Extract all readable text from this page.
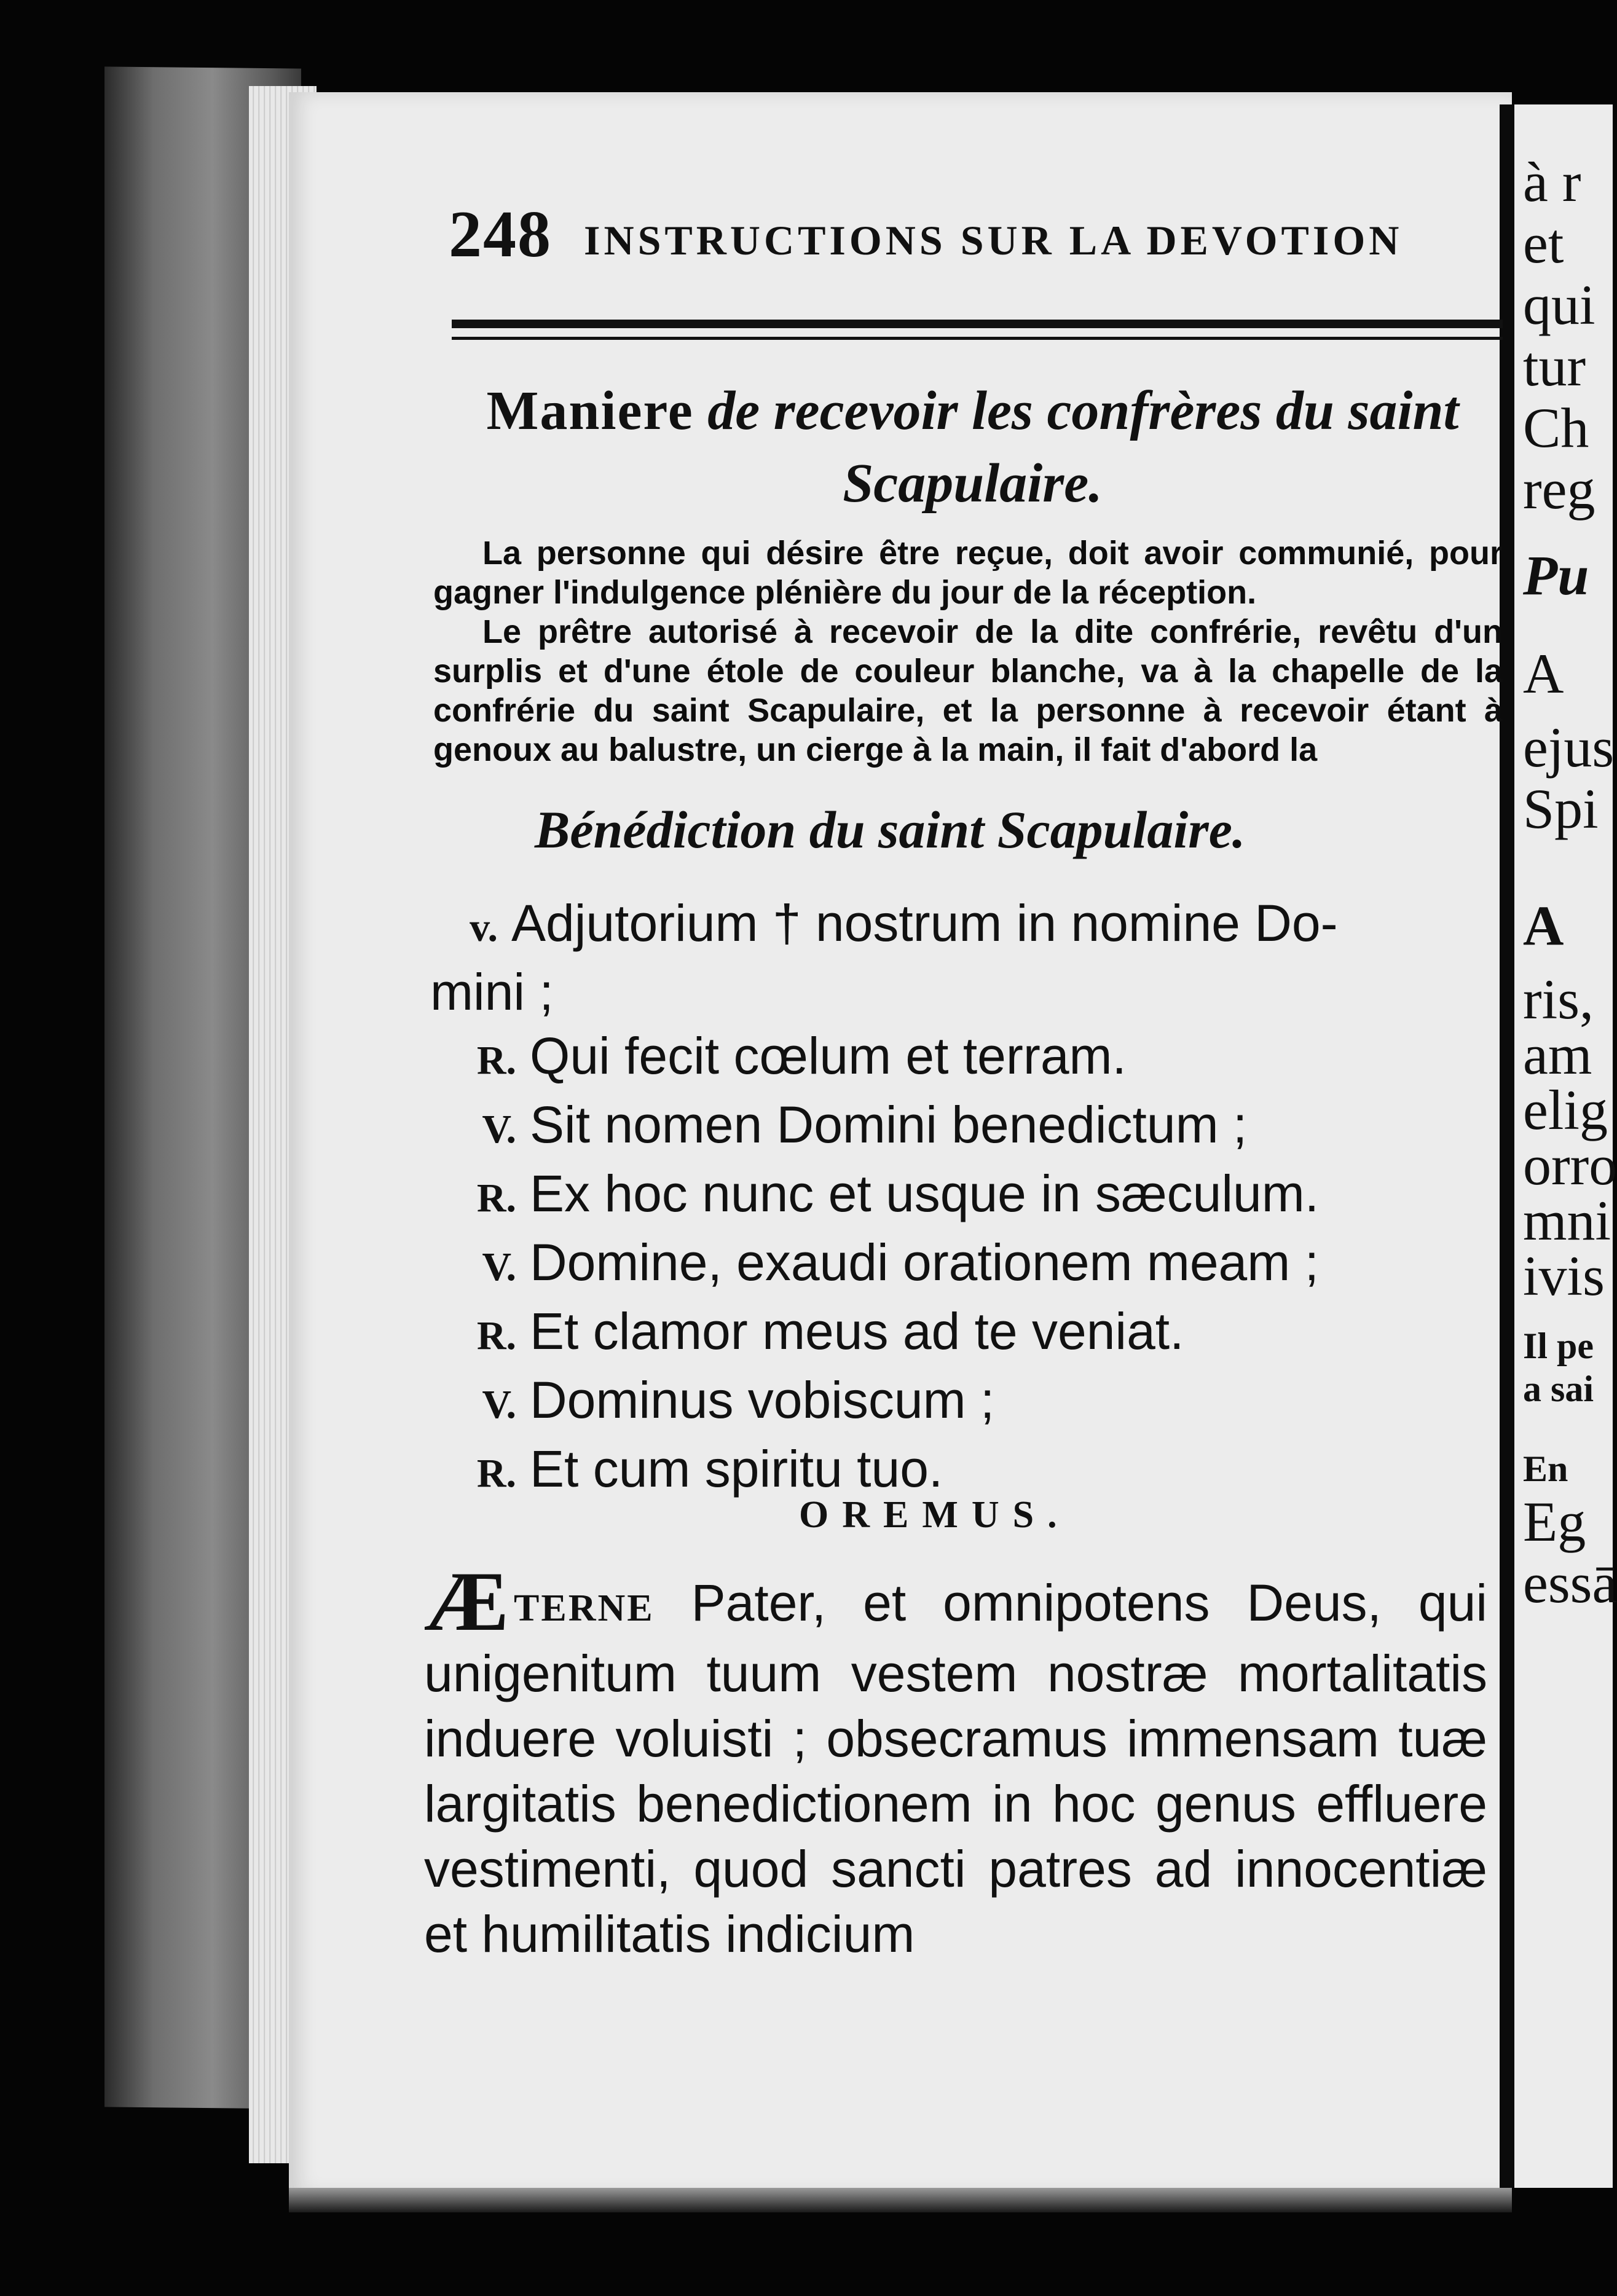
à r
et
qui
tur
Ch
reg
Pu
A
ejus
Spi
A
ris,
am
elig
orro
mni
ivis
Il pe
a sai
En
Eg
essā
248 INSTRUCTIONS SUR LA DEVOTION
Maniere de recevoir les confrères du saint Scapulaire.

La personne qui désire être reçue, doit avoir communié, pour gagner l'indulgence plénière du jour de la réception.

Le prêtre autorisé à recevoir de la dite confrérie, revêtu d'un surplis et d'une étole de couleur blanche, va à la chapelle de la confrérie du saint Scapulaire, et la personne à recevoir étant à genoux au balustre, un cierge à la main, il fait d'abord la

Bénédiction du saint Scapulaire.
v. Adjutorium † nostrum in nomine Do-
mini ;
R. Qui fecit cœlum et terram.
V. Sit nomen Domini benedictum ;
R. Ex hoc nunc et usque in sæculum.
V. Domine, exaudi orationem meam ;
R. Et clamor meus ad te veniat.
V. Dominus vobiscum ;
R. Et cum spiritu tuo.
OREMUS.
ÆTERNE Pater, et omnipotens Deus, qui unigenitum tuum vestem nostræ mortalitatis induere voluisti ; obsecramus immensam tuæ largitatis benedictionem in hoc genus effluere vestimenti, quod sancti patres ad innocentiæ et humilitatis indicium
